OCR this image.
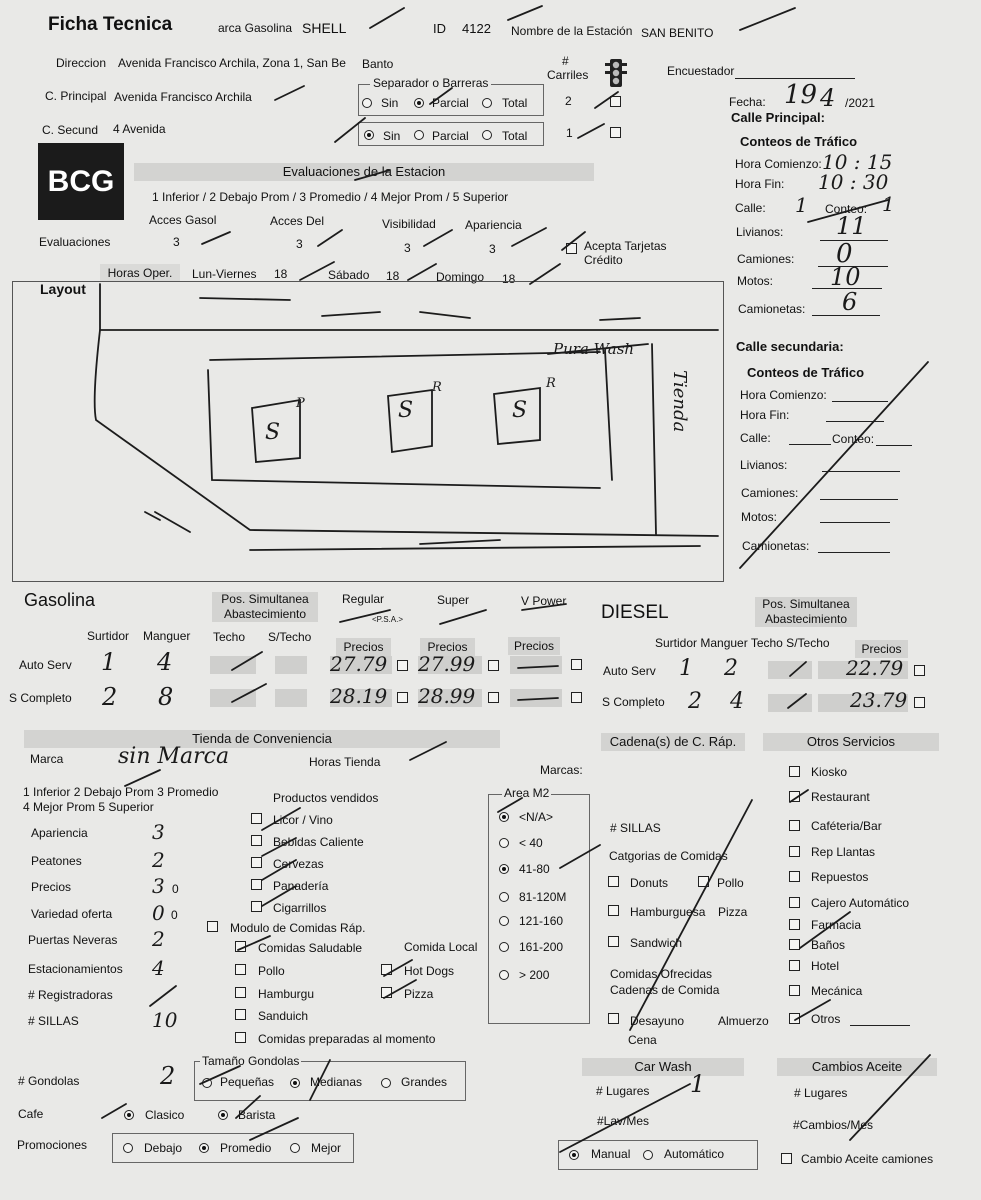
Ficha Tecnica	arca Gasolina SHELL	ID 4122 Nombre de la Estación SAN BENITO
Direccion Avenida Francisco Archila, Zona 1, San Be Banto
C. Principal Avenida Francisco Archila
C. Secund 4 Avenida
Separador o Barreras
Sin	Parcial	Total
Sin	Parcial	Total
#
Carriles
2
1
Encuestador
Fecha: 19 4 /2021
Calle Principal:
BCG	Evaluaciones de la Estacion
1 Inferior / 2 Debajo Prom / 3 Promedio / 4 Mejor Prom / 5 Superior
Acces Gasol	Acces Del	Visibilidad Apariencia
Evaluaciones	3	3	3	3	Acepta Tarjetas
Crédito
Horas Oper.	Lun-Viernes 18	Sábado 18	Domingo 18
Layout
Pura Wash
Tienda
S
S	S
P
R	R
Conteos de Tráfico
Hora Comienzo: 10 : 15
Hora Fin: 10 : 30
Calle: 1 Conteo: 1
Livianos: 11
Camiones: 0
Motos: 10
Camionetas: 6
Calle secundaria:
Conteos de Tráfico
Hora Comienzo:
Hora Fin:
Calle:	Conteo:
Livianos:
Camiones:
Motos:
Camionetas:
Gasolina	Pos. Simultanea
Abastecimiento
Regular
<P.S.A.>
Super	V Power
Surtidor Manguer Techo S/Techo
Precios	Precios	Precios
Auto Serv 1 4	27.79 27.99
S Completo 2 8	28.19 28.99
DIESEL	Pos. Simultanea
Abastecimiento
Surtidor Manguer Techo S/Techo	Precios
Auto Serv 1 2	22.79
S Completo 2 4	23.79
Tienda de Conveniencia
Marca sin Marca	Horas Tienda
1 Inferior 2 Debajo Prom 3 Promedio
4 Mejor Prom 5 Superior
Apariencia	3
Peatones	2
Precios	3
Variedad oferta 0
Puertas Neveras 2
Estacionamientos 4
# Registradoras
# SILLAS	10
0
0
Productos vendidos
Licor / Vino
Bebidas Caliente
Cervezas
Panadería
Cigarrillos
Modulo de Comidas Ráp.
Comidas Saludable	Comida Local
Pollo	Hot Dogs
Hamburgu	Pizza
Sanduich
Comidas preparadas al momento
Marcas:
Area M2
<N/A>
< 40
41-80
81-120M
121-160
161-200
> 200
Cadena(s) de C. Ráp.
# SILLAS
Catgorias de Comidas
Donuts	Pollo
Hamburguesa Pizza
Sandwich
Comidas Ofrecidas
Cadenas de Comida
Desayuno	Almuerzo
Cena
Otros Servicios
Kiosko
Restaurant
Caféteria/Bar
Rep Llantas
Repuestos
Cajero Automático
Farmacia
Baños
Hotel
Mecánica
Otros
# Gondolas	2
Tamaño Gondolas
Pequeñas	Medianas	Grandes
Cafe	Clasico	Barista
Promociones	Debajo	Promedio	Mejor
Car Wash
# Lugares 1
#Lav/Mes
Manual	Automático
Cambios Aceite
# Lugares
#Cambios/Mes
Cambio Aceite camiones
